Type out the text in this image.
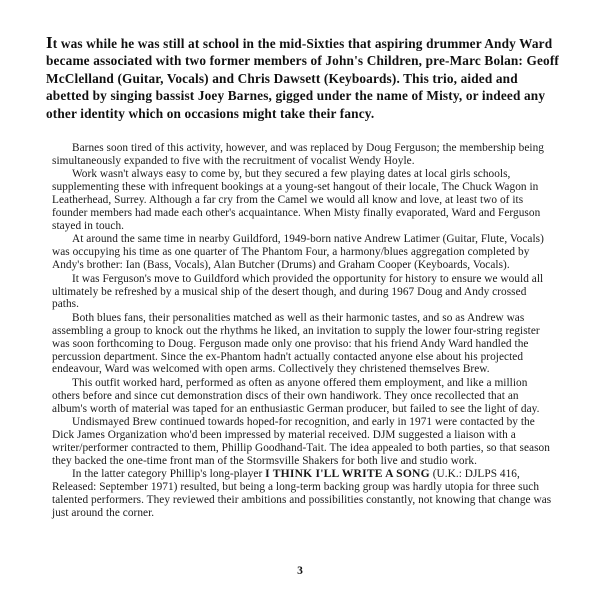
It was while he was still at school in the mid-Sixties that aspiring drummer Andy Ward became associated with two former members of John's Children, pre-Marc Bolan: Geoff McClelland (Guitar, Vocals) and Chris Dawsett (Keyboards). This trio, aided and abetted by singing bassist Joey Barnes, gigged under the name of Misty, or indeed any other identity which on occasions might take their fancy.

Barnes soon tired of this activity, however, and was replaced by Doug Ferguson; the membership being simultaneously expanded to five with the recruitment of vocalist Wendy Hoyle.

Work wasn't always easy to come by, but they secured a few playing dates at local girls schools, supplementing these with infrequent bookings at a young-set hangout of their locale, The Chuck Wagon in Leatherhead, Surrey. Although a far cry from the Camel we would all know and love, at least two of its founder members had made each other's acquaintance. When Misty finally evaporated, Ward and Ferguson stayed in touch.

At around the same time in nearby Guildford, 1949-born native Andrew Latimer (Guitar, Flute, Vocals) was occupying his time as one quarter of The Phantom Four, a harmony/blues aggregation completed by Andy's brother: Ian (Bass, Vocals), Alan Butcher (Drums) and Graham Cooper (Keyboards, Vocals).

It was Ferguson's move to Guildford which provided the opportunity for history to ensure we would all ultimately be refreshed by a musical ship of the desert though, and during 1967 Doug and Andy crossed paths.

Both blues fans, their personalities matched as well as their harmonic tastes, and so as Andrew was assembling a group to knock out the rhythms he liked, an invitation to supply the lower four-string register was soon forthcoming to Doug. Ferguson made only one proviso: that his friend Andy Ward handled the percussion department. Since the ex-Phantom hadn't actually contacted anyone else about his projected endeavour, Ward was welcomed with open arms. Collectively they christened themselves Brew.

This outfit worked hard, performed as often as anyone offered them employment, and like a million others before and since cut demonstration discs of their own handiwork. They once recollected that an album's worth of material was taped for an enthusiastic German producer, but failed to see the light of day.

Undismayed Brew continued towards hoped-for recognition, and early in 1971 were contacted by the Dick James Organization who'd been impressed by material received. DJM suggested a liaison with a writer/performer contracted to them, Phillip Goodhand-Tait. The idea appealed to both parties, so that season they backed the one-time front man of the Stormsville Shakers for both live and studio work.

In the latter category Phillip's long-player I THINK I'LL WRITE A SONG (U.K.: DJLPS 416, Released: September 1971) resulted, but being a long-term backing group was hardly utopia for three such talented performers. They reviewed their ambitions and possibilities constantly, not knowing that change was just around the corner.

3
